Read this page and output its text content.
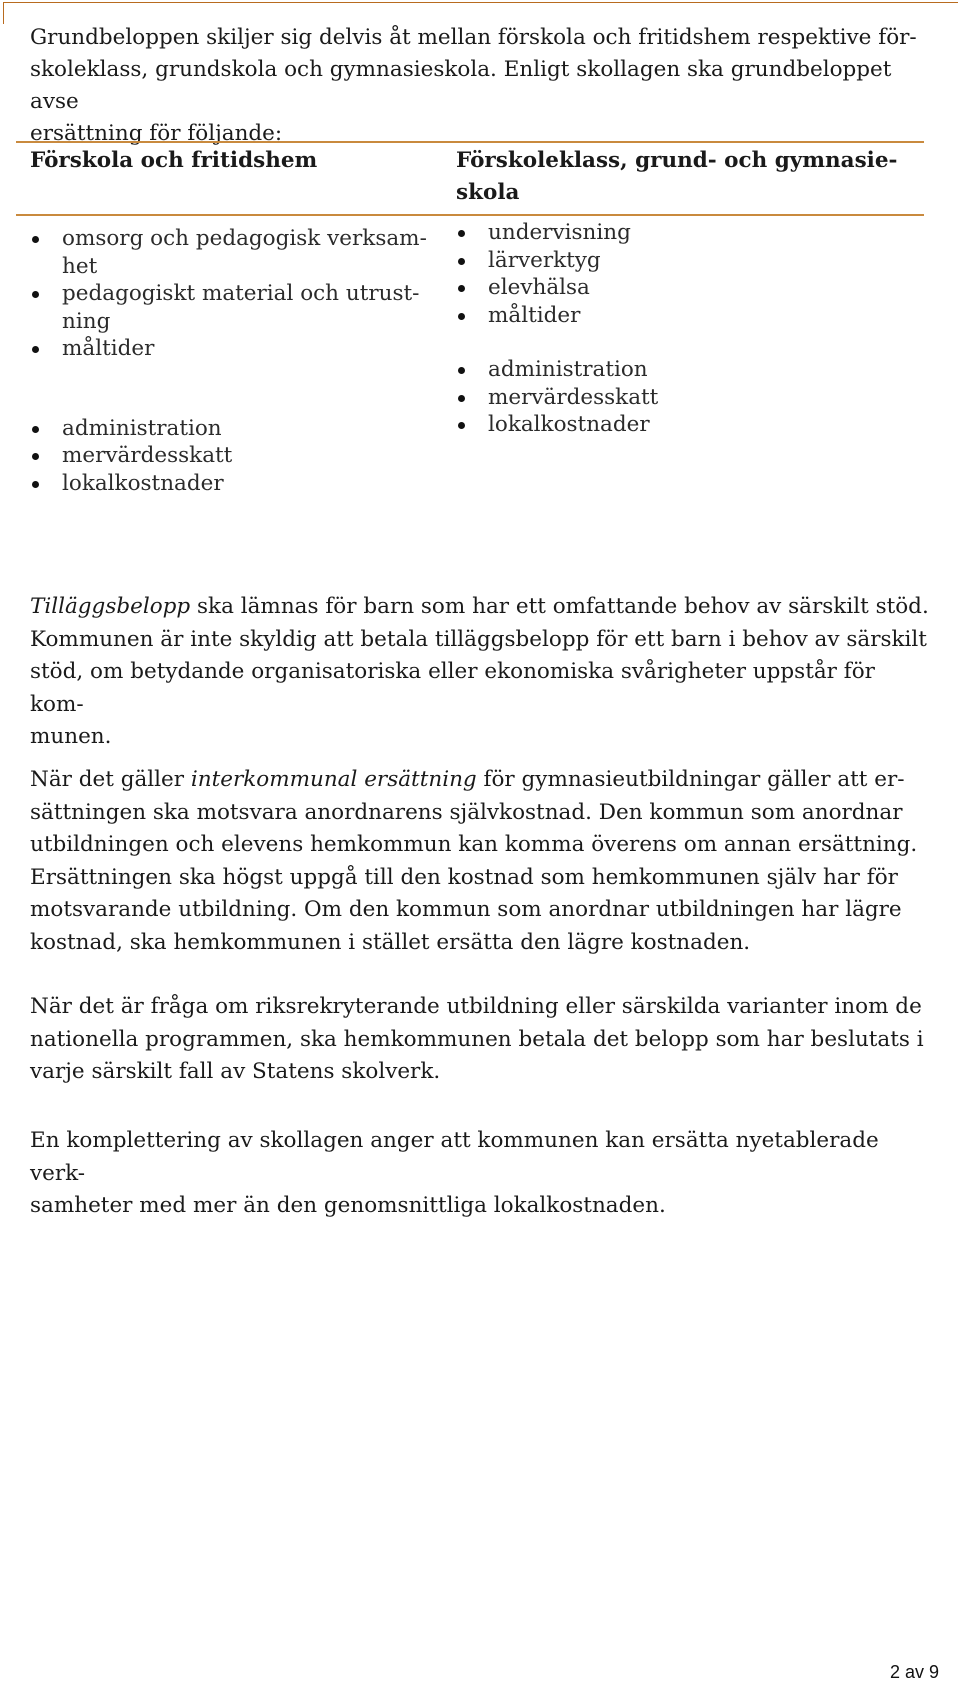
Grundbeloppen skiljer sig delvis åt mellan förskola och fritidshem respektive för-
skoleklass, grundskola och gymnasieskola. Enligt skollagen ska grundbeloppet avse
ersättning för följande:

Förskola och fritidshem	Förskoleklass, grund- och gymnasie-
skola
omsorg och pedagogisk verksam-
het
pedagogiskt material och utrust-
ning
måltider
administration
mervärdesskatt
lokalkostnader
undervisning
lärverktyg
elevhälsa
måltider
administration
mervärdesskatt
lokalkostnader

Tilläggsbelopp ska lämnas för barn som har ett omfattande behov av särskilt stöd.
Kommunen är inte skyldig att betala tilläggsbelopp för ett barn i behov av särskilt
stöd, om betydande organisatoriska eller ekonomiska svårigheter uppstår för kom-
munen.

När det gäller interkommunal ersättning för gymnasieutbildningar gäller att er-
sättningen ska motsvara anordnarens självkostnad. Den kommun som anordnar
utbildningen och elevens hemkommun kan komma överens om annan ersättning.
Ersättningen ska högst uppgå till den kostnad som hemkommunen själv har för
motsvarande utbildning. Om den kommun som anordnar utbildningen har lägre
kostnad, ska hemkommunen i stället ersätta den lägre kostnaden.

När det är fråga om riksrekryterande utbildning eller särskilda varianter inom de
nationella programmen, ska hemkommunen betala det belopp som har beslutats i
varje särskilt fall av Statens skolverk.

En komplettering av skollagen anger att kommunen kan ersätta nyetablerade verk-
samheter med mer än den genomsnittliga lokalkostnaden.

2 av 9
